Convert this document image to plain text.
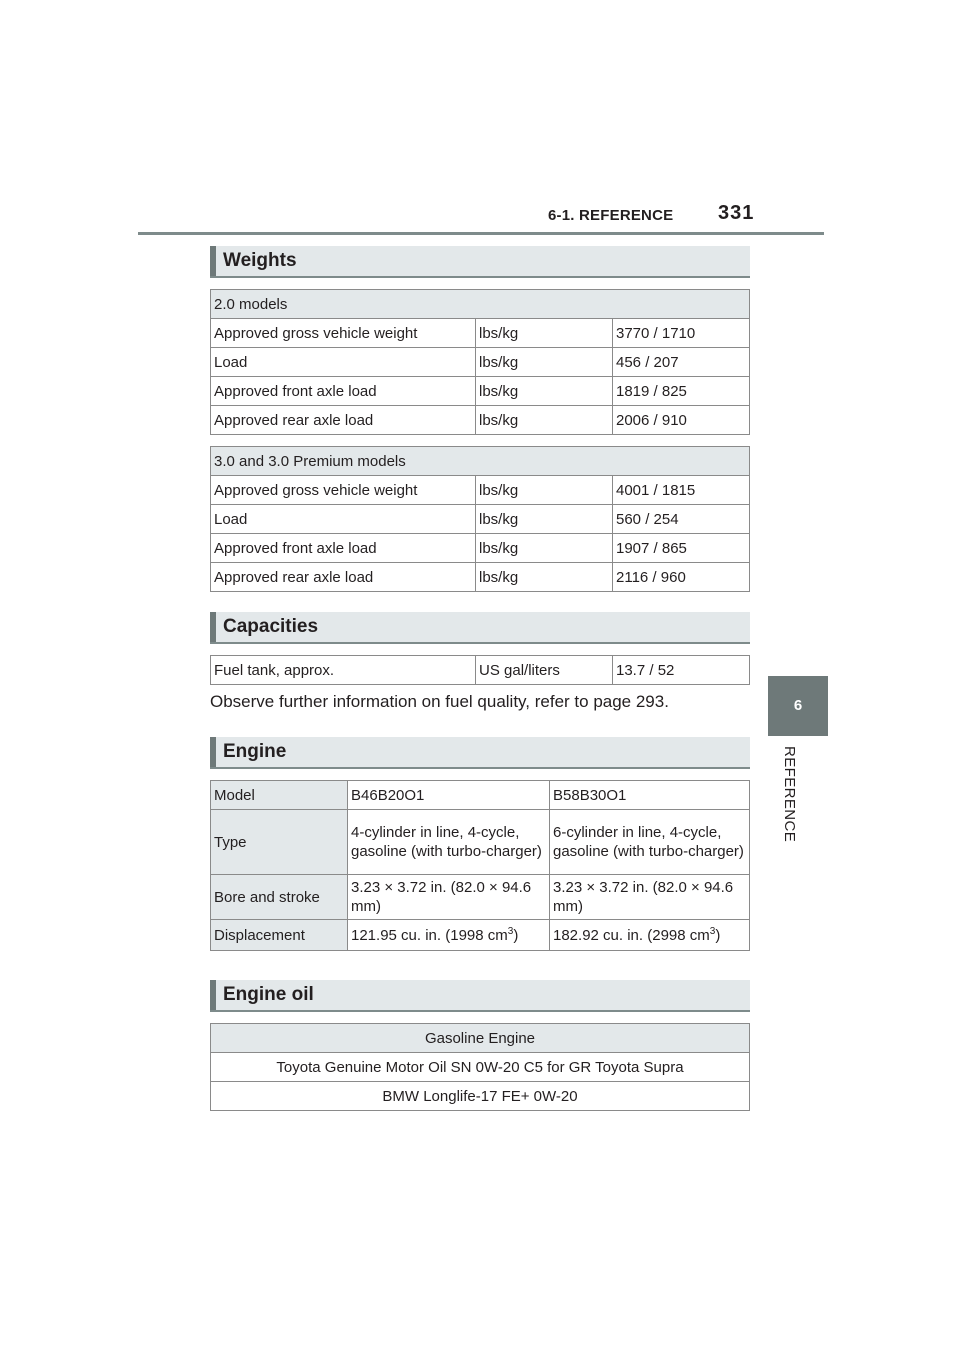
6-1. REFERENCE 331
6
REFERENCE
Weights
2.0 models		
Approved gross vehicle weight	lbs/kg	3770 / 1710
Load	lbs/kg	456 / 207
Approved front axle load	lbs/kg	1819 / 825
Approved rear axle load	lbs/kg	2006 / 910
3.0 and 3.0 Premium models		
Approved gross vehicle weight	lbs/kg	4001 / 1815
Load	lbs/kg	560 / 254
Approved front axle load	lbs/kg	1907 / 865
Approved rear axle load	lbs/kg	2116 / 960
Capacities
Fuel tank, approx.	US gal/liters	13.7 / 52
Observe further information on fuel quality, refer to page 293.
Engine
Model	B46B20O1	B58B30O1
Type	4-cylinder in line, 4-cycle, gasoline (with turbo-charger)	6-cylinder in line, 4-cycle, gasoline (with turbo-charger)
Bore and stroke	3.23 × 3.72 in. (82.0 × 94.6 mm)	3.23 × 3.72 in. (82.0 × 94.6 mm)
Displacement	121.95 cu. in. (1998 $cm^3$)	182.92 cu. in. (2998 $cm^3$)
Engine oil
Gasoline Engine
Toyota Genuine Motor Oil SN 0W-20 C5 for GR Toyota Supra
BMW Longlife-17 FE+ 0W-20
